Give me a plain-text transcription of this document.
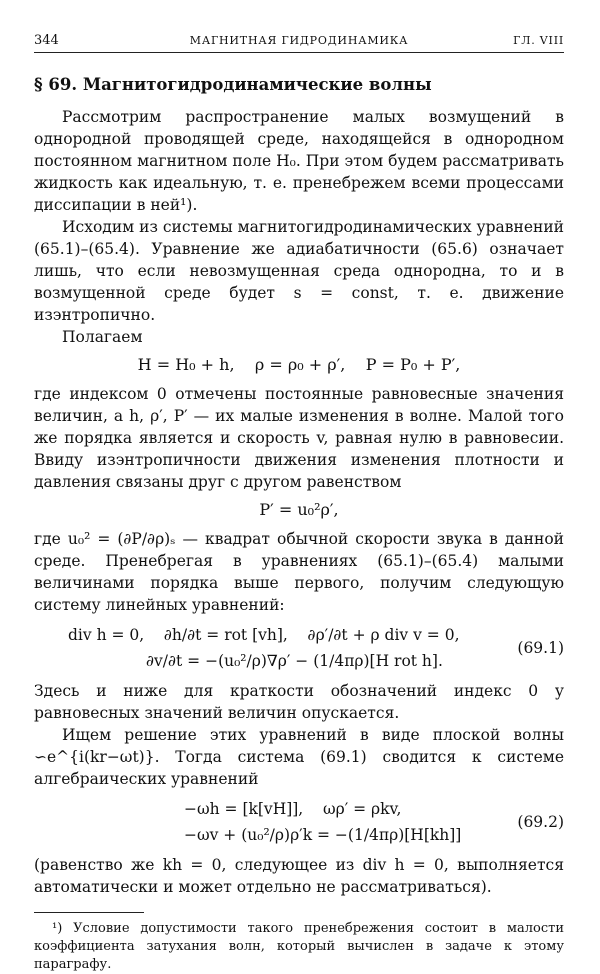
344	МАГНИТНАЯ ГИДРОДИНАМИКА	ГЛ. VIII
§ 69. Магнитогидродинамические волны

Рассмотрим распространение малых возмущений в однородной проводящей среде, находящейся в однородном постоянном магнитном поле H₀. При этом будем рассматривать жидкость как идеальную, т. е. пренебрежем всеми процессами диссипации в ней¹).

Исходим из системы магнитогидродинамических уравнений (65.1)–(65.4). Уравнение же адиабатичности (65.6) означает лишь, что если невозмущенная среда однородна, то и в возмущенной среде будет s = const, т. е. движение изэнтропично.

Полагаем

H = H₀ + h,    ρ = ρ₀ + ρ′,    P = P₀ + P′,

где индексом 0 отмечены постоянные равновесные значения величин, а h, ρ′, P′ — их малые изменения в волне. Малой того же порядка является и скорость v, равная нулю в равновесии. Ввиду изэнтропичности движения изменения плотности и давления связаны друг с другом равенством

P′ = u₀²ρ′,

где u₀² = (∂P/∂ρ)ₛ — квадрат обычной скорости звука в данной среде. Пренебрегая в уравнениях (65.1)–(65.4) малыми величинами порядка выше первого, получим следующую систему линейных уравнений:

div h = 0,    ∂h/∂t = rot [vh],    ∂ρ′/∂t + ρ div v = 0,
∂v/∂t = −(u₀²/ρ)∇ρ′ − (1/4πρ)[H rot h].
(69.1)

Здесь и ниже для краткости обозначений индекс 0 у равновесных значений величин опускается.

Ищем решение этих уравнений в виде плоской волны ∽e^{i(kr−ωt)}. Тогда система (69.1) сводится к системе алгебраических уравнений

−ωh = [k[vH]],    ωρ′ = ρkv,
−ωv + (u₀²/ρ)ρ′k = −(1/4πρ)[H[kh]]
(69.2)

(равенство же kh = 0, следующее из div h = 0, выполняется автоматически и может отдельно не рассматриваться).

¹) Условие допустимости такого пренебрежения состоит в малости коэффициента затухания волн, который вычислен в задаче к этому параграфу.
